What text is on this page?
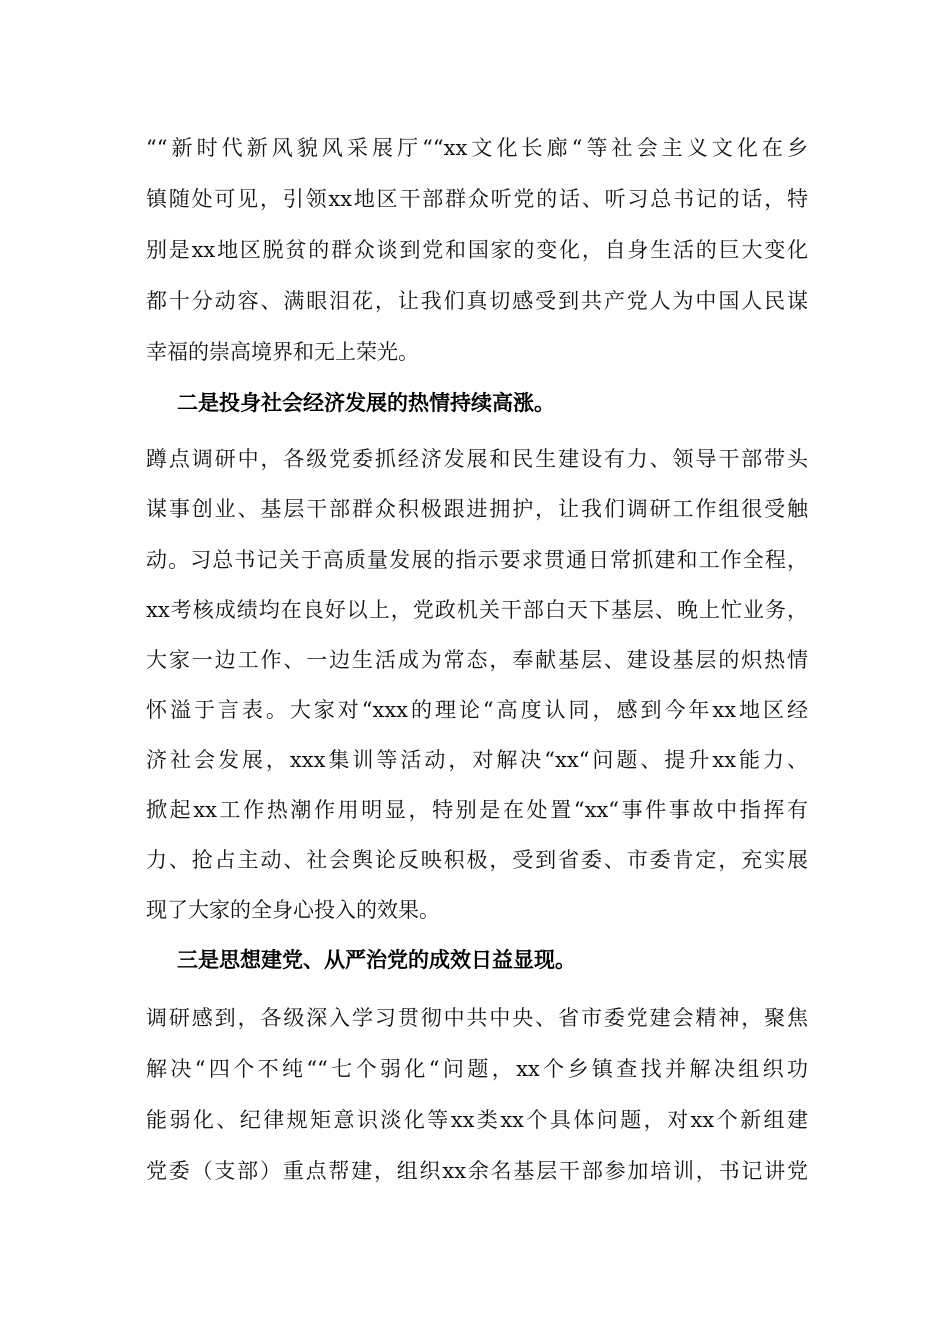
““新时代新风貌风采展厅““xx文化长廊“等社会主义文化在乡
镇随处可见，引领xx地区干部群众听党的话、听习总书记的话，特
别是xx地区脱贫的群众谈到党和国家的变化，自身生活的巨大变化
都十分动容、满眼泪花，让我们真切感受到共产党人为中国人民谋
幸福的崇高境界和无上荣光。
二是投身社会经济发展的热情持续高涨。
蹲点调研中，各级党委抓经济发展和民生建设有力、领导干部带头
谋事创业、基层干部群众积极跟进拥护，让我们调研工作组很受触
动。习总书记关于高质量发展的指示要求贯通日常抓建和工作全程，
xx考核成绩均在良好以上，党政机关干部白天下基层、晚上忙业务，
大家一边工作、一边生活成为常态，奉献基层、建设基层的炽热情
怀溢于言表。大家对“xxx的理论“高度认同，感到今年xx地区经
济社会发展，xxx集训等活动，对解决“xx“问题、提升xx能力、
掀起xx工作热潮作用明显，特别是在处置“xx“事件事故中指挥有
力、抢占主动、社会舆论反映积极，受到省委、市委肯定，充实展
现了大家的全身心投入的效果。
三是思想建党、从严治党的成效日益显现。
调研感到，各级深入学习贯彻中共中央、省市委党建会精神，聚焦
解决“四个不纯““七个弱化“问题，xx个乡镇查找并解决组织功
能弱化、纪律规矩意识淡化等xx类xx个具体问题，对xx个新组建
党委（支部）重点帮建，组织xx余名基层干部参加培训，书记讲党
